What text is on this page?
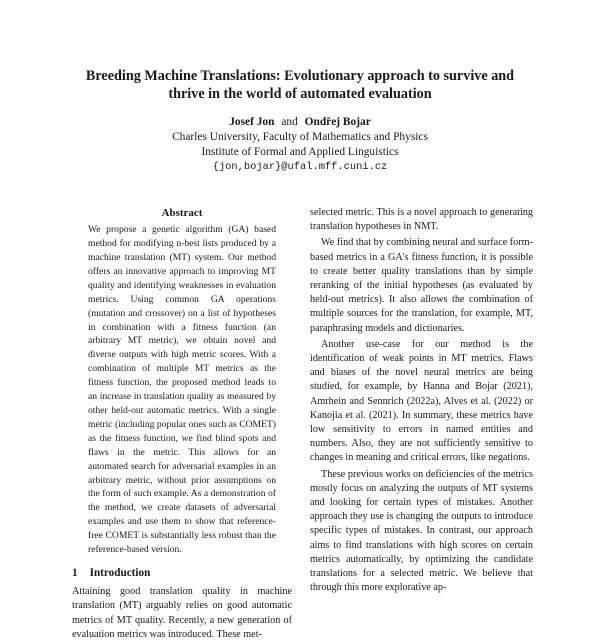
Breeding Machine Translations: Evolutionary approach to survive and
thrive in the world of automated evaluation
Josef Jon and Ondřej Bojar
Charles University, Faculty of Mathematics and Physics
Institute of Formal and Applied Linguistics
{jon,bojar}@ufal.mff.cuni.cz
Abstract

We propose a genetic algorithm (GA) based method for modifying n-best lists produced by a machine translation (MT) system. Our method offers an innovative approach to improving MT quality and identifying weaknesses in evaluation metrics. Using common GA operations (mutation and crossover) on a list of hypotheses in combination with a fitness function (an arbitrary MT metric), we obtain novel and diverse outputs with high metric scores. With a combination of multiple MT metrics as the fitness function, the proposed method leads to an increase in translation quality as measured by other held-out automatic metrics. With a single metric (including popular ones such as COMET) as the fitness function, we find blind spots and flaws in the metric. This allows for an automated search for adversarial examples in an arbitrary metric, without prior assumptions on the form of such example. As a demonstration of the method, we create datasets of adversarial examples and use them to show that reference-free COMET is substantially less robust than the reference-based version.

1 Introduction

Attaining good translation quality in machine translation (MT) arguably relies on good automatic metrics of MT quality. Recently, a new generation of evaluation metrics was introduced. These met-

selected metric. This is a novel approach to generating translation hypotheses in NMT.

We find that by combining neural and surface form-based metrics in a GA's fitness function, it is possible to create better quality translations than by simple reranking of the initial hypotheses (as evaluated by held-out metrics). It also allows the combination of multiple sources for the translation, for example, MT, paraphrasing models and dictionaries.

Another use-case for our method is the identification of weak points in MT metrics. Flaws and biases of the novel neural metrics are being studied, for example, by Hanna and Bojar (2021), Amrhein and Sennrich (2022a), Alves et al. (2022) or Kanojia et al. (2021). In summary, these metrics have low sensitivity to errors in named entities and numbers. Also, they are not sufficiently sensitive to changes in meaning and critical errors, like negations.

These previous works on deficiencies of the metrics mostly focus on analyzing the outputs of MT systems and looking for certain types of mistakes. Another approach they use is changing the outputs to introduce specific types of mistakes. In contrast, our approach aims to find translations with high scores on certain metrics automatically, by optimizing the candidate translations for a selected metric. We believe that through this more explorative ap-
